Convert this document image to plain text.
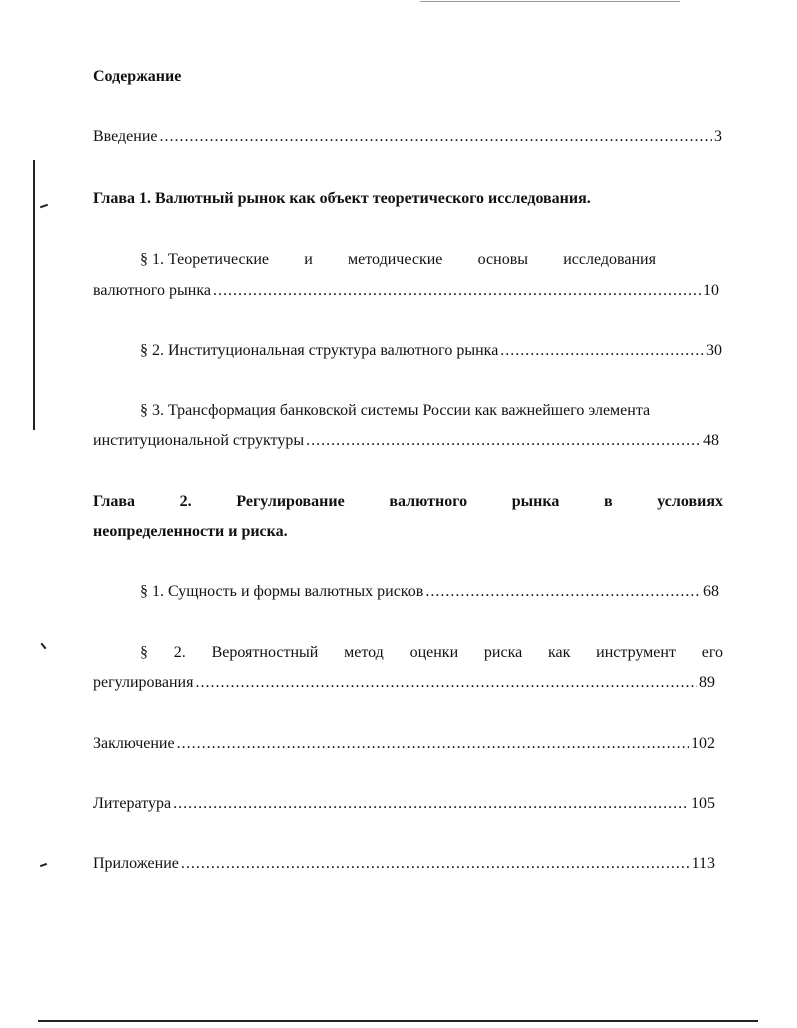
Содержание
Введение .....	3
Глава 1. Валютный рынок как объект теоретического исследования.
§ 1. Теоретические и методические основы исследования
валютного рынка .....	10
§ 2. Институциональная структура валютного рынка .....	30
§ 3. Трансформация банковской системы России как важнейшего элемента
институциональной структуры .....	48
Глава	2.	Регулирование	валютного	рынка	в	условиях
неопределенности и риска.
§ 1. Сущность и формы валютных рисков .....	68
§ 2. Вероятностный метод оценки риска как инструмент его
регулирования .....	89
Заключение .....	102
Литература .....	105
Приложение .....	113
